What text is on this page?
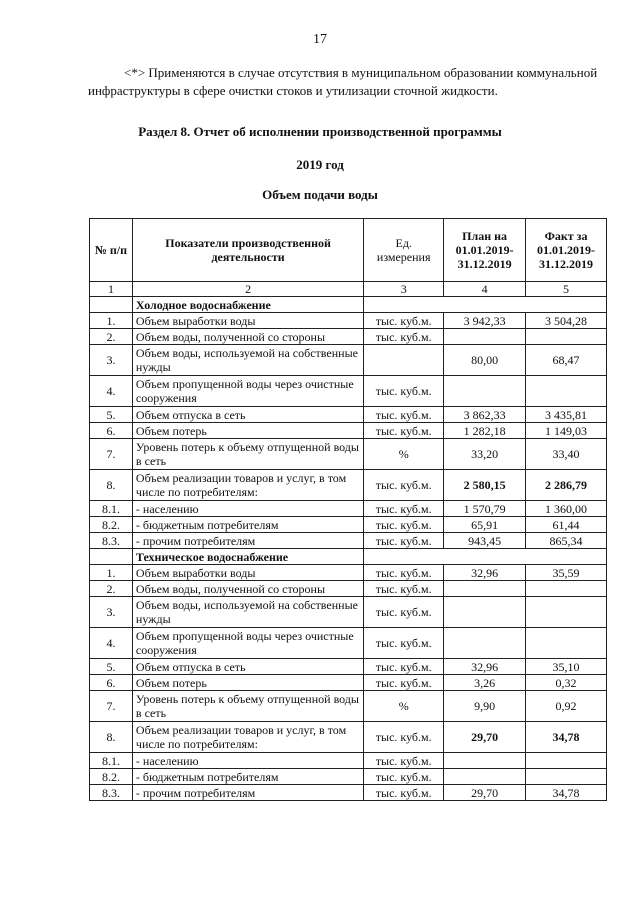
17
<*> Применяются в случае отсутствия в муниципальном образовании коммунальной инфраструктуры в сфере очистки стоков и утилизации сточной жидкости.
Раздел 8. Отчет об исполнении производственной программы
2019 год
Объем подачи воды
№ п/п	Показатели производственной деятельности	Ед. измерения	План на 01.01.2019-31.12.2019	Факт за 01.01.2019-31.12.2019
1	2	3	4	5
	Холодное водоснабжение			
1.	Объем выработки воды	тыс. куб.м.	3 942,33	3 504,28
2.	Объем воды, полученной со стороны	тыс. куб.м.		
3.	Объем воды, используемой на собственные нужды		80,00	68,47
4.	Объем пропущенной воды через очистные сооружения	тыс. куб.м.		
5.	Объем отпуска в сеть	тыс. куб.м.	3 862,33	3 435,81
6.	Объем потерь	тыс. куб.м.	1 282,18	1 149,03
7.	Уровень потерь к объему отпущенной воды в сеть	%	33,20	33,40
8.	Объем реализации товаров и услуг, в том числе по потребителям:	тыс. куб.м.	2 580,15	2 286,79
8.1.	- населению	тыс. куб.м.	1 570,79	1 360,00
8.2.	- бюджетным потребителям	тыс. куб.м.	65,91	61,44
8.3.	- прочим потребителям	тыс. куб.м.	943,45	865,34
	Техническое водоснабжение			
1.	Объем выработки воды	тыс. куб.м.	32,96	35,59
2.	Объем воды, полученной со стороны	тыс. куб.м.		
3.	Объем воды, используемой на собственные нужды	тыс. куб.м.		
4.	Объем пропущенной воды через очистные сооружения	тыс. куб.м.		
5.	Объем отпуска в сеть	тыс. куб.м.	32,96	35,10
6.	Объем потерь	тыс. куб.м.	3,26	0,32
7.	Уровень потерь к объему отпущенной воды в сеть	%	9,90	0,92
8.	Объем реализации товаров и услуг, в том числе по потребителям:	тыс. куб.м.	29,70	34,78
8.1.	- населению	тыс. куб.м.		
8.2.	- бюджетным потребителям	тыс. куб.м.		
8.3.	- прочим потребителям	тыс. куб.м.	29,70	34,78
